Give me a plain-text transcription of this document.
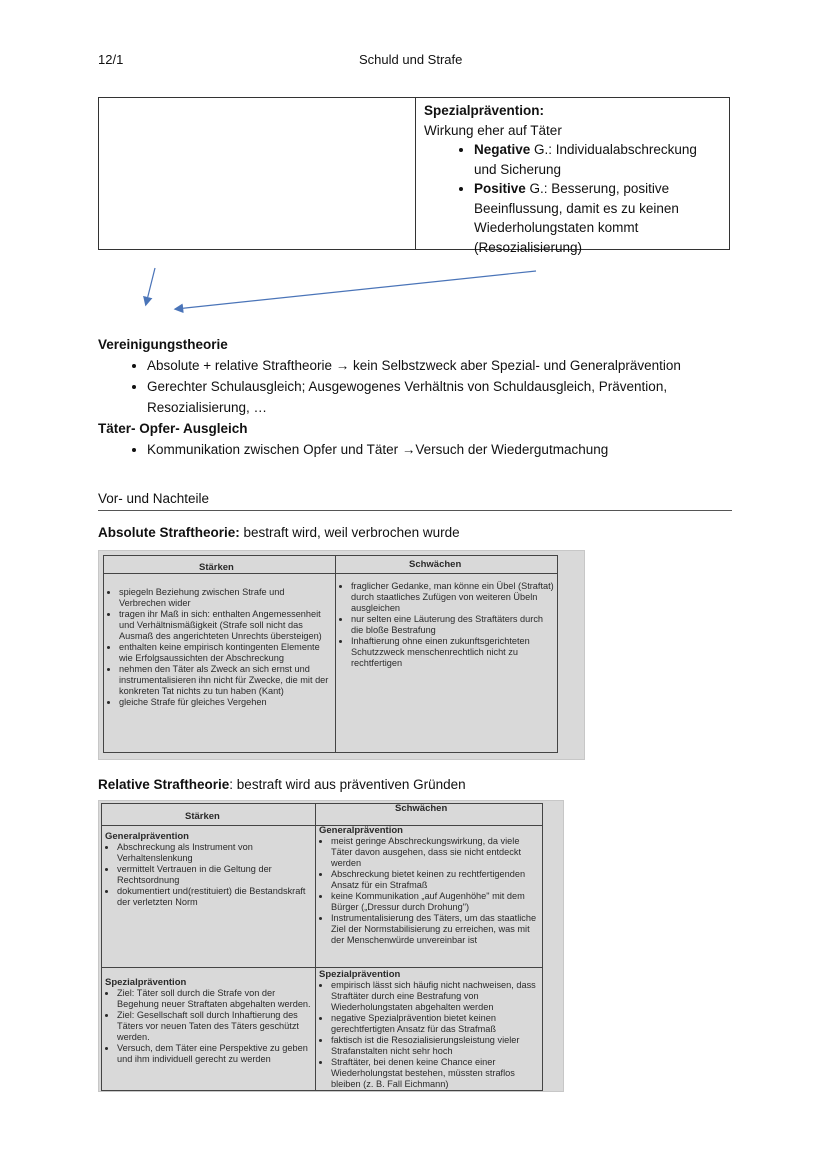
12/1	Schuld und Strafe
Spezialprävention:
Wirkung eher auf Täter
• Negative G.: Individualabschreckung und Sicherung
• Positive G.: Besserung, positive Beeinflussung, damit es zu keinen Wiederholungstaten kommt (Resozialisierung)
Vereinigungstheorie
• Absolute + relative Straftheorie → kein Selbstzweck aber Spezial- und Generalprävention
• Gerechter Schulausgleich; Ausgewogenes Verhältnis von Schuldausgleich, Prävention, Resozialisierung, …
Täter- Opfer- Ausgleich
• Kommunikation zwischen Opfer und Täter →Versuch der Wiedergutmachung
Vor- und Nachteile
Absolute Straftheorie: bestraft wird, weil verbrochen wurde
Stärken	Schwächen
• spiegeln Beziehung zwischen Strafe und Verbrechen wider
• tragen ihr Maß in sich: enthalten Angemessenheit und Verhältnismäßigkeit (Strafe soll nicht das Ausmaß des angerichteten Unrechts übersteigen)
• enthalten keine empirisch kontingenten Elemente wie Erfolgsaussichten der Abschreckung
• nehmen den Täter als Zweck an sich ernst und instrumentalisieren ihn nicht für Zwecke, die mit der konkreten Tat nichts zu tun haben (Kant)
• gleiche Strafe für gleiches Vergehen
• fraglicher Gedanke, man könne ein Übel (Straftat) durch staatliches Zufügen von weiteren Übeln ausgleichen
• nur selten eine Läuterung des Straftäters durch die bloße Bestrafung
• Inhaftierung ohne einen zukunftsgerichteten Schutzzweck menschenrechtlich nicht zu rechtfertigen
Relative Straftheorie: bestraft wird aus präventiven Gründen
Stärken
Schwächen
Generalprävention
• Abschreckung als Instrument von Verhaltenslenkung
• vermittelt Vertrauen in die Geltung der Rechtsordnung
• dokumentiert und(restituiert) die Bestandskraft der verletzten Norm
Generalprävention
• meist geringe Abschreckungswirkung, da viele Täter davon ausgehen, dass sie nicht entdeckt werden
• Abschreckung bietet keinen zu rechtfertigenden Ansatz für ein Strafmaß
• keine Kommunikation „auf Augenhöhe" mit dem Bürger („Dressur durch Drohung")
• Instrumentalisierung des Täters, um das staatliche Ziel der Normstabilisierung zu erreichen, was mit der Menschenwürde unvereinbar ist
Spezialprävention
• Ziel: Täter soll durch die Strafe von der Begehung neuer Straftaten abgehalten werden.
• Ziel: Gesellschaft soll durch Inhaftierung des Täters vor neuen Taten des Täters geschützt werden.
• Versuch, dem Täter eine Perspektive zu geben und ihm individuell gerecht zu werden
Spezialprävention
• empirisch lässt sich häufig nicht nachweisen, dass Straftäter durch eine Bestrafung von Wiederholungstaten abgehalten werden
• negative Spezialprävention bietet keinen gerechtfertigten Ansatz für das Strafmaß
• faktisch ist die Resozialisierungsleistung vieler Strafanstalten nicht sehr hoch
• Straftäter, bei denen keine Chance einer Wiederholungstat bestehen, müssten straflos bleiben (z. B. Fall Eichmann)
